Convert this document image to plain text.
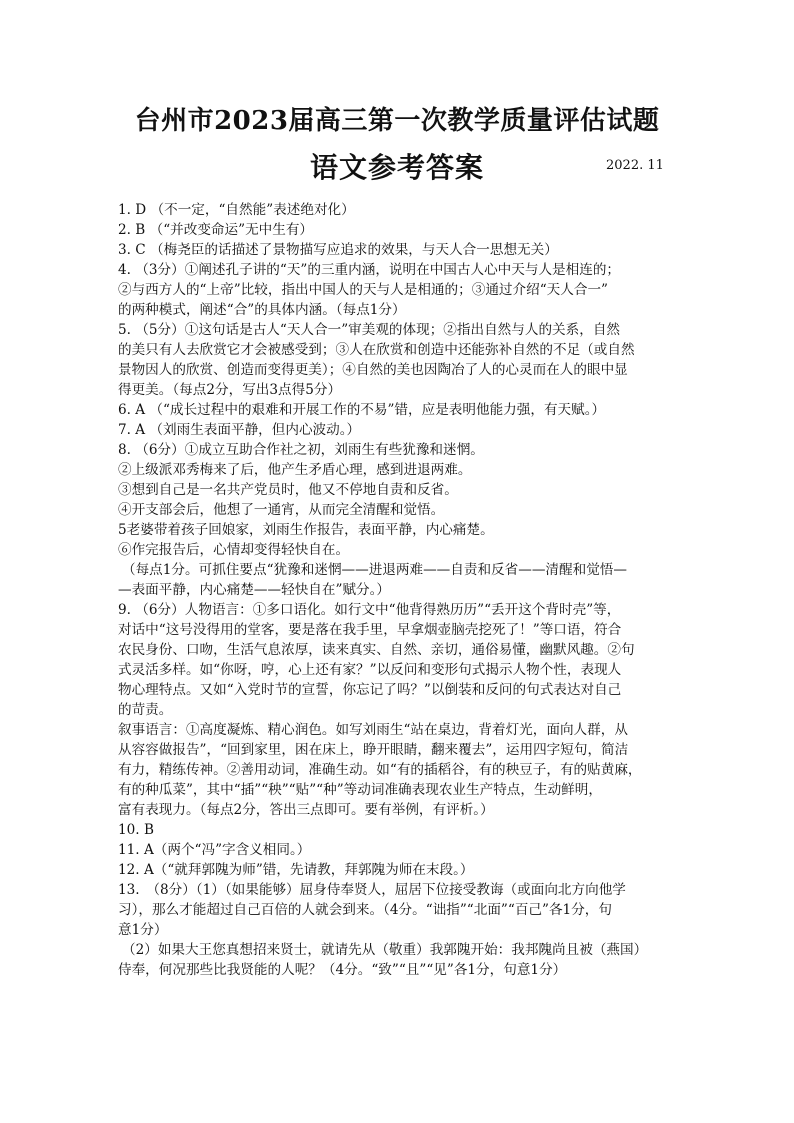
台州市2023届高三第一次教学质量评估试题
语文参考答案	2022. 11

1. D （不一定，“自然能”表述绝对化）

2. B （“并改变命运”无中生有）

3. C （梅尧臣的话描述了景物描写应追求的效果，与天人合一思想无关）

4. （3分）①阐述孔子讲的“天”的三重内涵，说明在中国古人心中天与人是相连的；

②与西方人的“上帝”比较，指出中国人的天与人是相通的；③通过介绍“天人合一”

的两种模式，阐述“合”的具体内涵。（每点1分）

5. （5分）①这句话是古人“天人合一”审美观的体现；②指出自然与人的关系，自然

的美只有人去欣赏它才会被感受到；③人在欣赏和创造中还能弥补自然的不足（或自然

景物因人的欣赏、创造而变得更美）；④自然的美也因陶冶了人的心灵而在人的眼中显

得更美。（每点2分，写出3点得5分）

6. A （“成长过程中的艰难和开展工作的不易”错，应是表明他能力强，有天赋。）

7. A （刘雨生表面平静，但内心波动。）

8. （6分）①成立互助合作社之初，刘雨生有些犹豫和迷惘。

②上级派邓秀梅来了后，他产生矛盾心理，感到进退两难。

③想到自己是一名共产党员时，他又不停地自责和反省。

④开支部会后，他想了一通宵，从而完全清醒和觉悟。

5老婆带着孩子回娘家，刘雨生作报告，表面平静，内心痛楚。

⑥作完报告后，心情却变得轻快自在。

（每点1分。可抓住要点“犹豫和迷惘——进退两难——自责和反省——清醒和觉悟—

—表面平静，内心痛楚——轻快自在”赋分。）

9. （6分）人物语言：①多口语化。如行文中“他背得熟历历”“丢开这个背时壳”等，

对话中“这号没得用的堂客，要是落在我手里，早拿烟壶脑壳挖死了！”等口语，符合

农民身份、口吻，生活气息浓厚，读来真实、自然、亲切，通俗易懂，幽默风趣。②句

式灵活多样。如“你呀，哼，心上还有家？”以反问和变形句式揭示人物个性，表现人

物心理特点。又如“入党时节的宣誓，你忘记了吗？”以倒装和反问的句式表达对自己

的苛责。

叙事语言：①高度凝炼、精心润色。如写刘雨生“站在桌边，背着灯光，面向人群，从

从容容做报告”，“回到家里，困在床上，睁开眼睛，翻来覆去”，运用四字短句，简洁

有力，精练传神。②善用动词，准确生动。如“有的插稻谷，有的秧豆子，有的贴黄麻，

有的种瓜菜”，其中“插”“秧”“贴”“种”等动词准确表现农业生产特点，生动鲜明，

富有表现力。（每点2分，答出三点即可。要有举例，有评析。）

10. B

11. A（两个“冯”字含义相同。）

12. A（“就拜郭隗为师”错，先请教，拜郭隗为师在末段。）

13.　（8分）（1）（如果能够）屈身侍奉贤人，屈居下位接受教诲（或面向北方向他学

习），那么才能超过自己百倍的人就会到来。（4分。“诎指”“北面”“百己”各1分，句

意1分）

（2）如果大王您真想招来贤士，就请先从（敬重）我郭隗开始：我邦隗尚且被（燕国）

侍奉，何况那些比我贤能的人呢？（4分。“致”“且”“见”各1分，句意1分）
